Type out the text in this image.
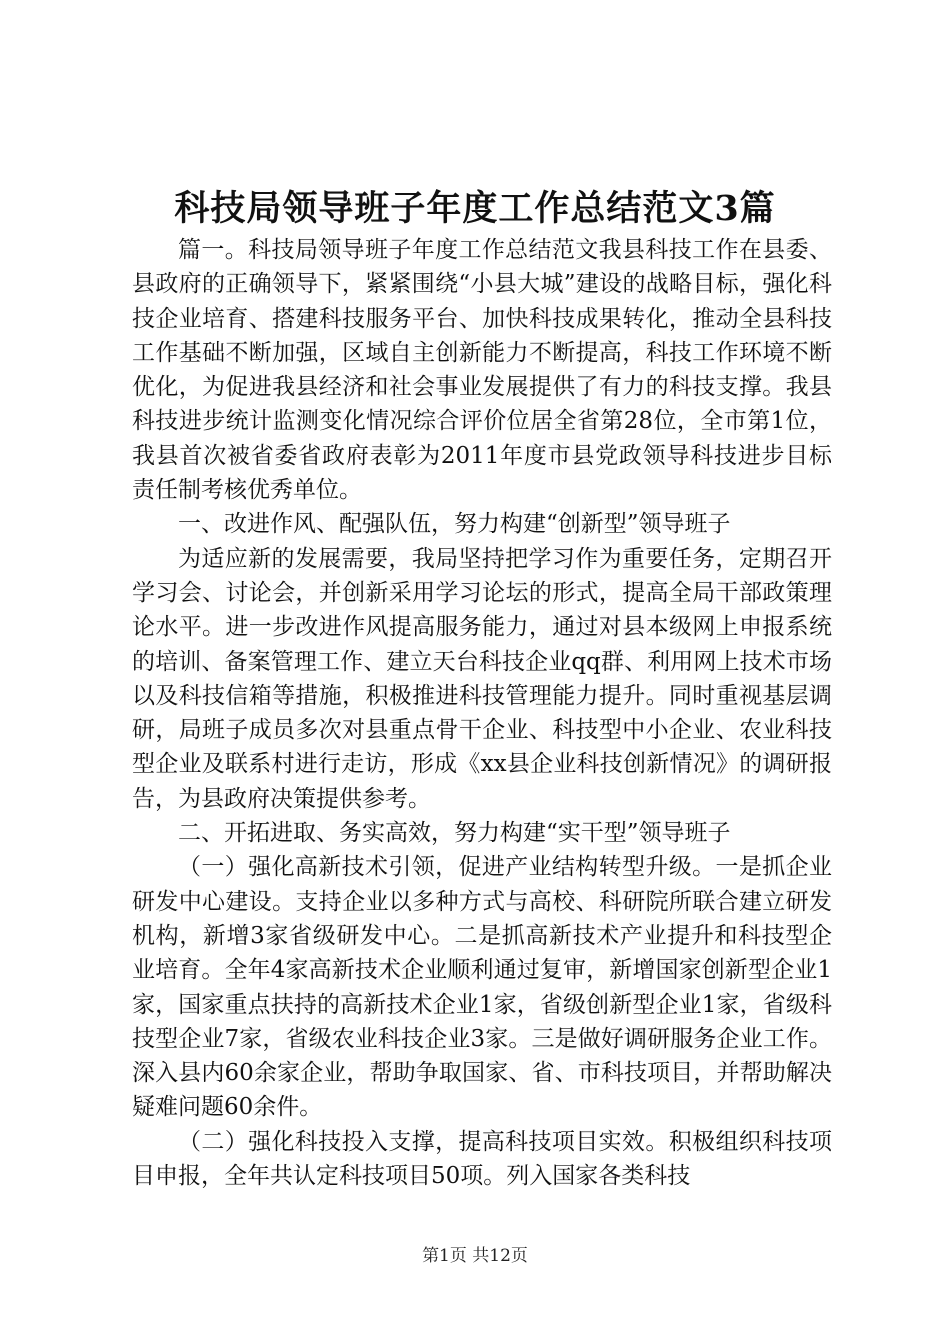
科技局领导班子年度工作总结范文3篇

篇一。科技局领导班子年度工作总结范文我县科技工作在县委、县政府的正确领导下，紧紧围绕“小县大城”建设的战略目标，强化科技企业培育、搭建科技服务平台、加快科技成果转化，推动全县科技工作基础不断加强，区域自主创新能力不断提高，科技工作环境不断优化，为促进我县经济和社会事业发展提供了有力的科技支撑。我县科技进步统计监测变化情况综合评价位居全省第28位，全市第1位，我县首次被省委省政府表彰为2011年度市县党政领导科技进步目标责任制考核优秀单位。

一、改进作风、配强队伍，努力构建“创新型”领导班子

为适应新的发展需要，我局坚持把学习作为重要任务，定期召开学习会、讨论会，并创新采用学习论坛的形式，提高全局干部政策理论水平。进一步改进作风提高服务能力，通过对县本级网上申报系统的培训、备案管理工作、建立天台科技企业qq群、利用网上技术市场以及科技信箱等措施，积极推进科技管理能力提升。同时重视基层调研，局班子成员多次对县重点骨干企业、科技型中小企业、农业科技型企业及联系村进行走访，形成《xx县企业科技创新情况》的调研报告，为县政府决策提供参考。

二、开拓进取、务实高效，努力构建“实干型”领导班子

（一）强化高新技术引领，促进产业结构转型升级。一是抓企业研发中心建设。支持企业以多种方式与高校、科研院所联合建立研发机构，新增3家省级研发中心。二是抓高新技术产业提升和科技型企业培育。全年4家高新技术企业顺利通过复审，新增国家创新型企业1家，国家重点扶持的高新技术企业1家，省级创新型企业1家，省级科技型企业7家，省级农业科技企业3家。三是做好调研服务企业工作。深入县内60余家企业，帮助争取国家、省、市科技项目，并帮助解决疑难问题60余件。

（二）强化科技投入支撑，提高科技项目实效。积极组织科技项目申报，全年共认定科技项目50项。列入国家各类科技

第1页 共12页
